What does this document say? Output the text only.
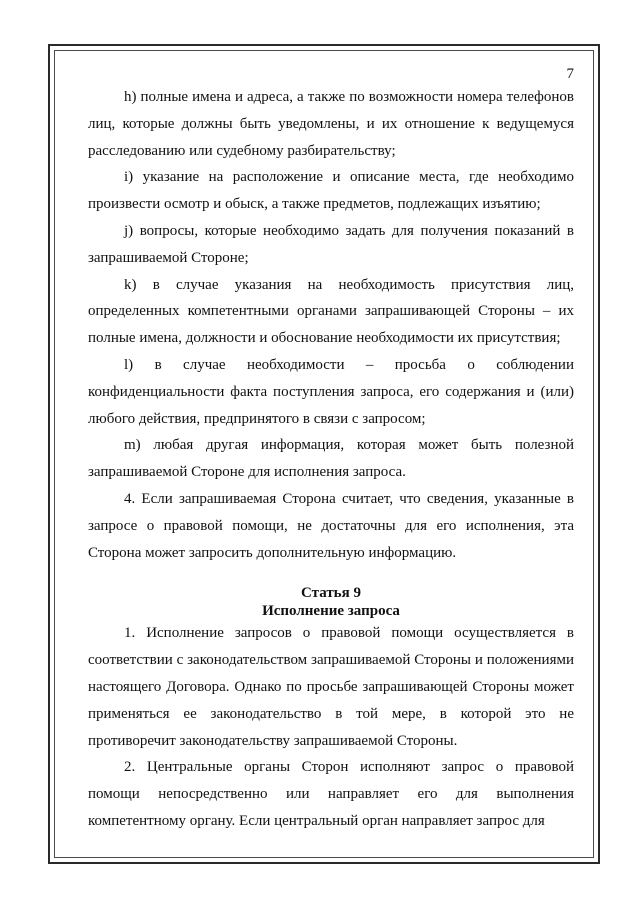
7

h) полные имена и адреса, а также по возможности номера телефонов лиц, которые должны быть уведомлены, и их отношение к ведущемуся расследованию или судебному разбирательству;

i) указание на расположение и описание места, где необходимо произвести осмотр и обыск, а также предметов, подлежащих изъятию;

j) вопросы, которые необходимо задать для получения показаний в запрашиваемой Стороне;

k) в случае указания на необходимость присутствия лиц, определенных компетентными органами запрашивающей Стороны – их полные имена, должности и обоснование необходимости их присутствия;

l) в случае необходимости – просьба о соблюдении конфиденциальности факта поступления запроса, его содержания и (или) любого действия, предпринятого в связи с запросом;

m) любая другая информация, которая может быть полезной запрашиваемой Стороне для исполнения запроса.

4. Если запрашиваемая Сторона считает, что сведения, указанные в запросе о правовой помощи, не достаточны для его исполнения, эта Сторона может запросить дополнительную информацию.

Статья 9

Исполнение запроса

1. Исполнение запросов о правовой помощи осуществляется в соответствии с законодательством запрашиваемой Стороны и положениями настоящего Договора. Однако по просьбе запрашивающей Стороны может применяться ее законодательство в той мере, в которой это не противоречит законодательству запрашиваемой Стороны.

2. Центральные органы Сторон исполняют запрос о правовой помощи непосредственно или направляет его для выполнения компетентному органу. Если центральный орган направляет запрос для
